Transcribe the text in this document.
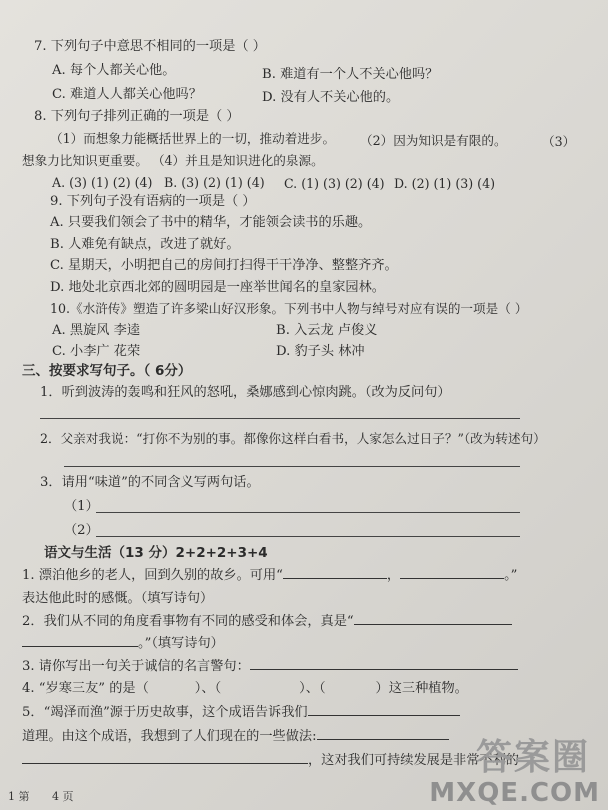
7. 下列句子中意思不相同的一项是（ ）
A. 每个人都关心他。	B. 难道有一个人不关心他吗？
C. 难道人人都关心他吗？	D. 没有人不关心他的。
8. 下列句子排列正确的一项是（ ）
（1）而想象力能概括世界上的一切，推动着进步。 （2）因为知识是有限的。	（3）
想象力比知识更重要。 （4）并且是知识进化的泉源。
A. (3) (1) (2) (4) B. (3) (2) (1) (4) C. (1) (3) (2) (4) D. (2) (1) (3) (4)
9. 下列句子没有语病的一项是（ ）
A. 只要我们领会了书中的精华，才能领会读书的乐趣。
B. 人难免有缺点，改进了就好。
C. 星期天，小明把自己的房间打扫得干干净净、整整齐齐。
D. 地处北京西北郊的圆明园是一座举世闻名的皇家园林。
10.《水浒传》塑造了许多梁山好汉形象。下列书中人物与绰号对应有误的一项是（ ）
A. 黑旋风 李逵	B. 入云龙 卢俊义
C. 小李广 花荣	D. 豹子头 林冲
三、按要求写句子。（ 6分）
1．听到波涛的轰鸣和狂风的怒吼，桑娜感到心惊肉跳。（改为反问句）
2．父亲对我说：“打你不为别的事。都像你这样白看书，人家怎么过日子？”（改为转述句）
3．请用“味道”的不同含义写两句话。
（1）
（2）
语文与生活（13 分）2+2+2+3+4
1. 漂泊他乡的老人，回到久别的故乡。可用“	，	。”
表达他此时的感慨。（填写诗句）
2．我们从不同的角度看事物有不同的感受和体会，真是“
。”（填写诗句）
3. 请你写出一句关于诚信的名言警句：
4. “岁寒三友” 的是（	）、（	）、（	）这三种植物。
5．“竭泽而渔”源于历史故事，这个成语告诉我们
道理。由这个成语，我想到了人们现在的一些做法:
，这对我们可持续发展是非常不利的
1 第 4 页
答案圈
MXQE.COM
